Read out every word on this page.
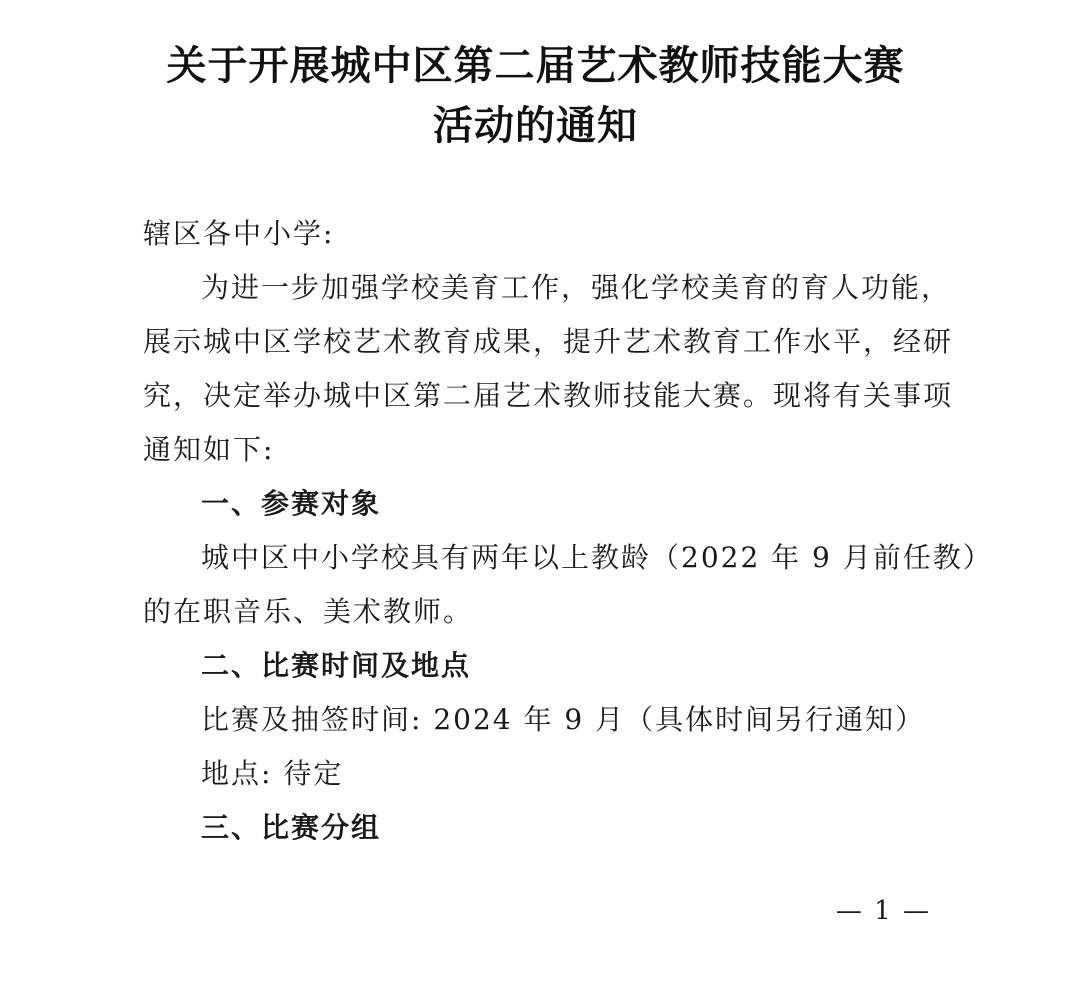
关于开展城中区第二届艺术教师技能大赛
活动的通知
辖区各中小学:
为进一步加强学校美育工作，强化学校美育的育人功能，
展示城中区学校艺术教育成果，提升艺术教育工作水平，经研
究，决定举办城中区第二届艺术教师技能大赛。现将有关事项
通知如下:
一、参赛对象
城中区中小学校具有两年以上教龄（2022 年 9 月前任教）
的在职音乐、美术教师。
二、比赛时间及地点
比赛及抽签时间: 2024 年 9 月（具体时间另行通知）
地点: 待定
三、比赛分组
— 1 —
